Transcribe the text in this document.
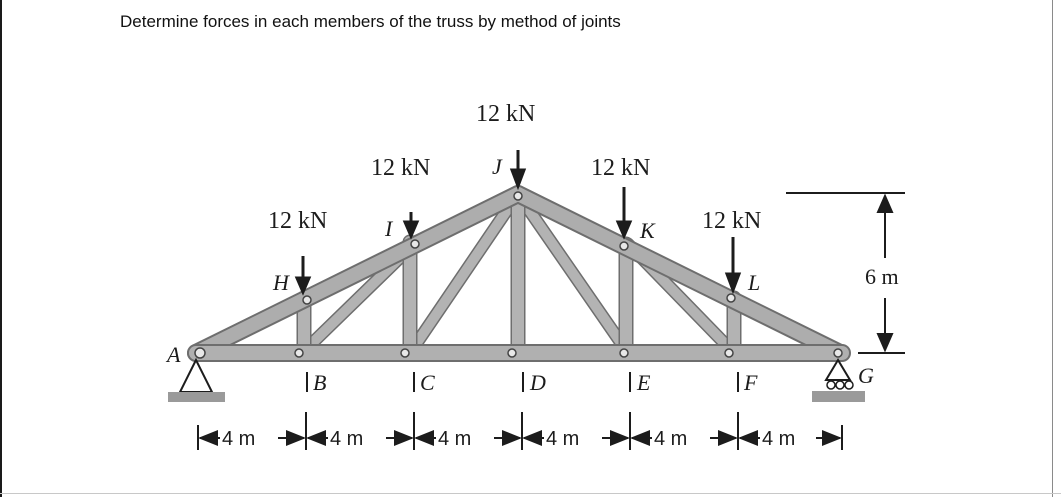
Determine forces in each members of the truss by method of joints
12 kN
12 kN	12 kN
12 kN	12 kN
A
B	C	D	E	F	G
H
I
J
K
L
4 m	4 m	4 m	4 m	4 m	4 m
6 m
